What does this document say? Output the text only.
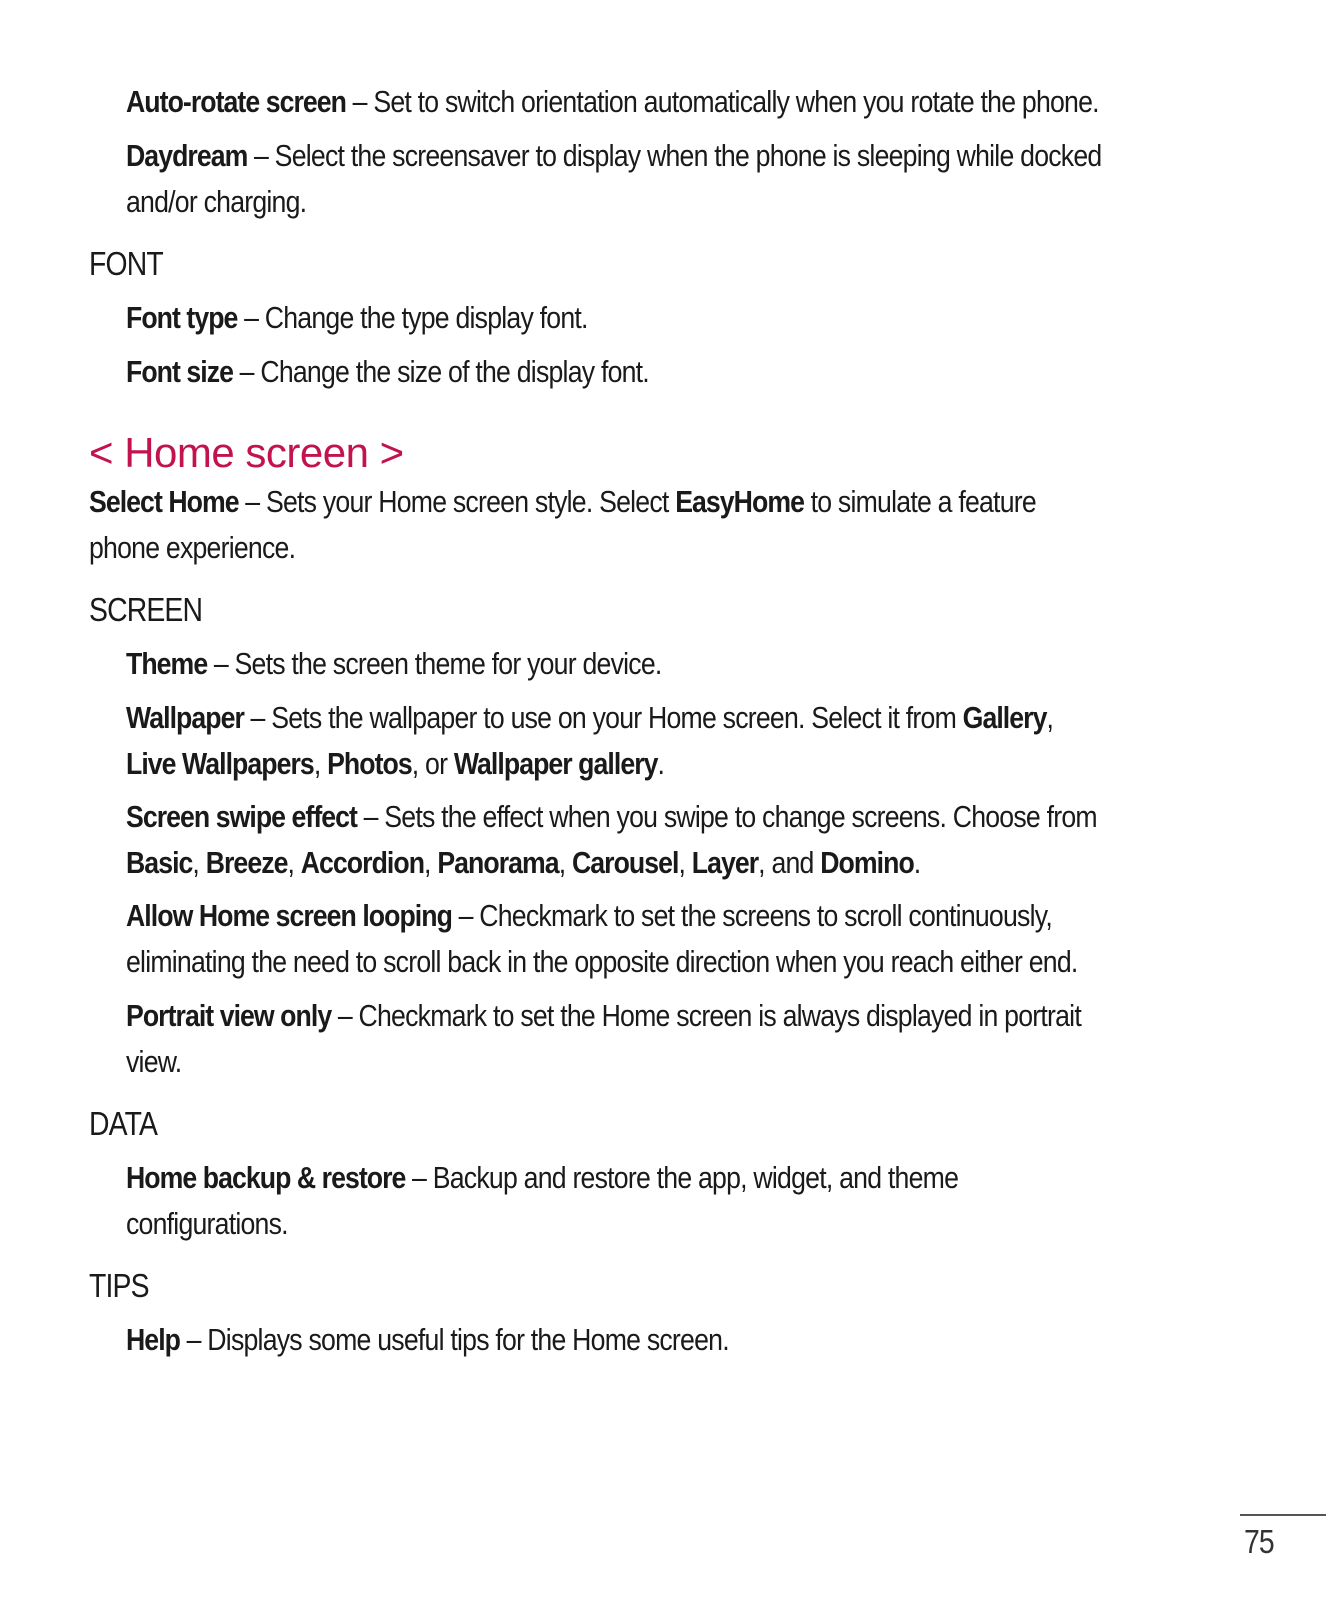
Auto-rotate screen – Set to switch orientation automatically when you rotate the phone.
Daydream – Select the screensaver to display when the phone is sleeping while docked
and/or charging.
FONT
Font type – Change the type display font.
Font size – Change the size of the display font.
< Home screen >
Select Home – Sets your Home screen style. Select EasyHome to simulate a feature
phone experience.
SCREEN
Theme – Sets the screen theme for your device.
Wallpaper – Sets the wallpaper to use on your Home screen. Select it from Gallery,
Live Wallpapers, Photos, or Wallpaper gallery.
Screen swipe effect – Sets the effect when you swipe to change screens. Choose from
Basic, Breeze, Accordion, Panorama, Carousel, Layer, and Domino.
Allow Home screen looping – Checkmark to set the screens to scroll continuously,
eliminating the need to scroll back in the opposite direction when you reach either end.
Portrait view only – Checkmark to set the Home screen is always displayed in portrait
view.
DATA
Home backup & restore – Backup and restore the app, widget, and theme
configurations.
TIPS
Help – Displays some useful tips for the Home screen.
75
